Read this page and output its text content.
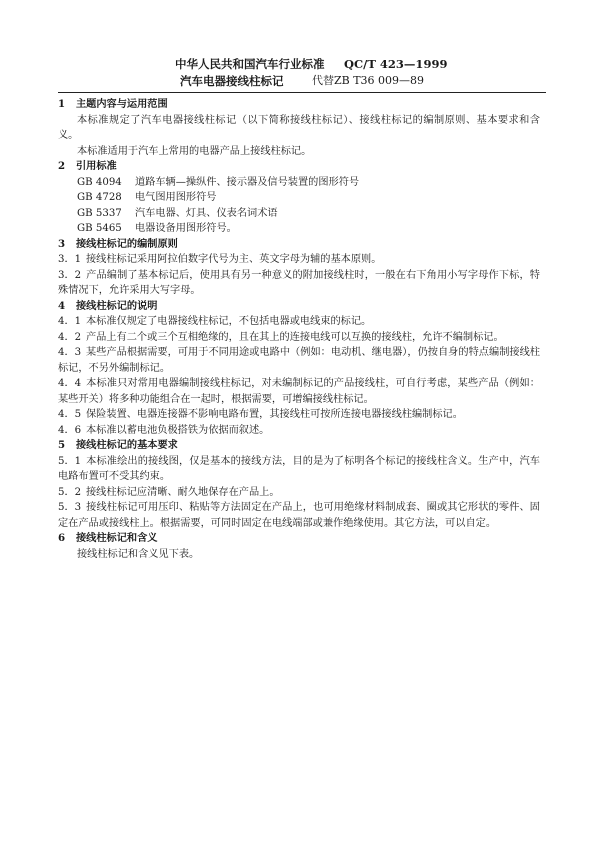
中华人民共和国汽车行业标准 QC/T 423—1999
汽车电器接线柱标记	代替ZB T36 009—89

1 主题内容与运用范围

本标准规定了汽车电器接线柱标记（以下简称接线柱标记）、接线柱标记的编制原则、基本要求和含义。

本标准适用于汽车上常用的电器产品上接线柱标记。

2 引用标准

GB 4094 道路车辆—操纵件、接示器及信号装置的图形符号

GB 4728 电气图用图形符号

GB 5337 汽车电器、灯具、仪表名词术语

GB 5465 电器设备用图形符号。

3 接线柱标记的编制原则

3．1 接线柱标记采用阿拉伯数字代号为主、英文字母为辅的基本原则。

3．2 产品编制了基本标记后，使用具有另一种意义的附加接线柱时，一般在右下角用小写字母作下标，特殊情况下，允许采用大写字母。

4 接线柱标记的说明

4．1 本标准仅规定了电器接线柱标记，不包括电器或电线束的标记。

4．2 产品上有二个或三个互相绝缘的，且在其上的连接电线可以互换的接线柱，允许不编制标记。

4．3 某些产品根据需要，可用于不同用途或电路中（例如：电动机、继电器），仍按自身的特点编制接线柱标记，不另外编制标记。

4．4 本标准只对常用电器编制接线柱标记，对未编制标记的产品接线柱，可自行考虑，某些产品（例如：某些开关）将多种功能组合在一起时，根据需要，可增编接线柱标记。

4．5 保险装置、电器连接器不影响电路布置，其接线柱可按所连接电器接线柱编制标记。

4．6 本标准以蓄电池负极搭铁为依据而叙述。

5 接线柱标记的基本要求

5．1 本标准绘出的接线图，仅是基本的接线方法，目的是为了标明各个标记的接线柱含义。生产中，汽车电路布置可不受其约束。

5．2 接线柱标记应清晰、耐久地保存在产品上。

5．3 接线柱标记可用压印、粘贴等方法固定在产品上，也可用绝缘材料制成套、圈或其它形状的零件、固定在产品或接线柱上。根据需要，可同时固定在电线端部或兼作绝缘使用。其它方法，可以自定。

6 接线柱标记和含义

接线柱标记和含义见下表。
